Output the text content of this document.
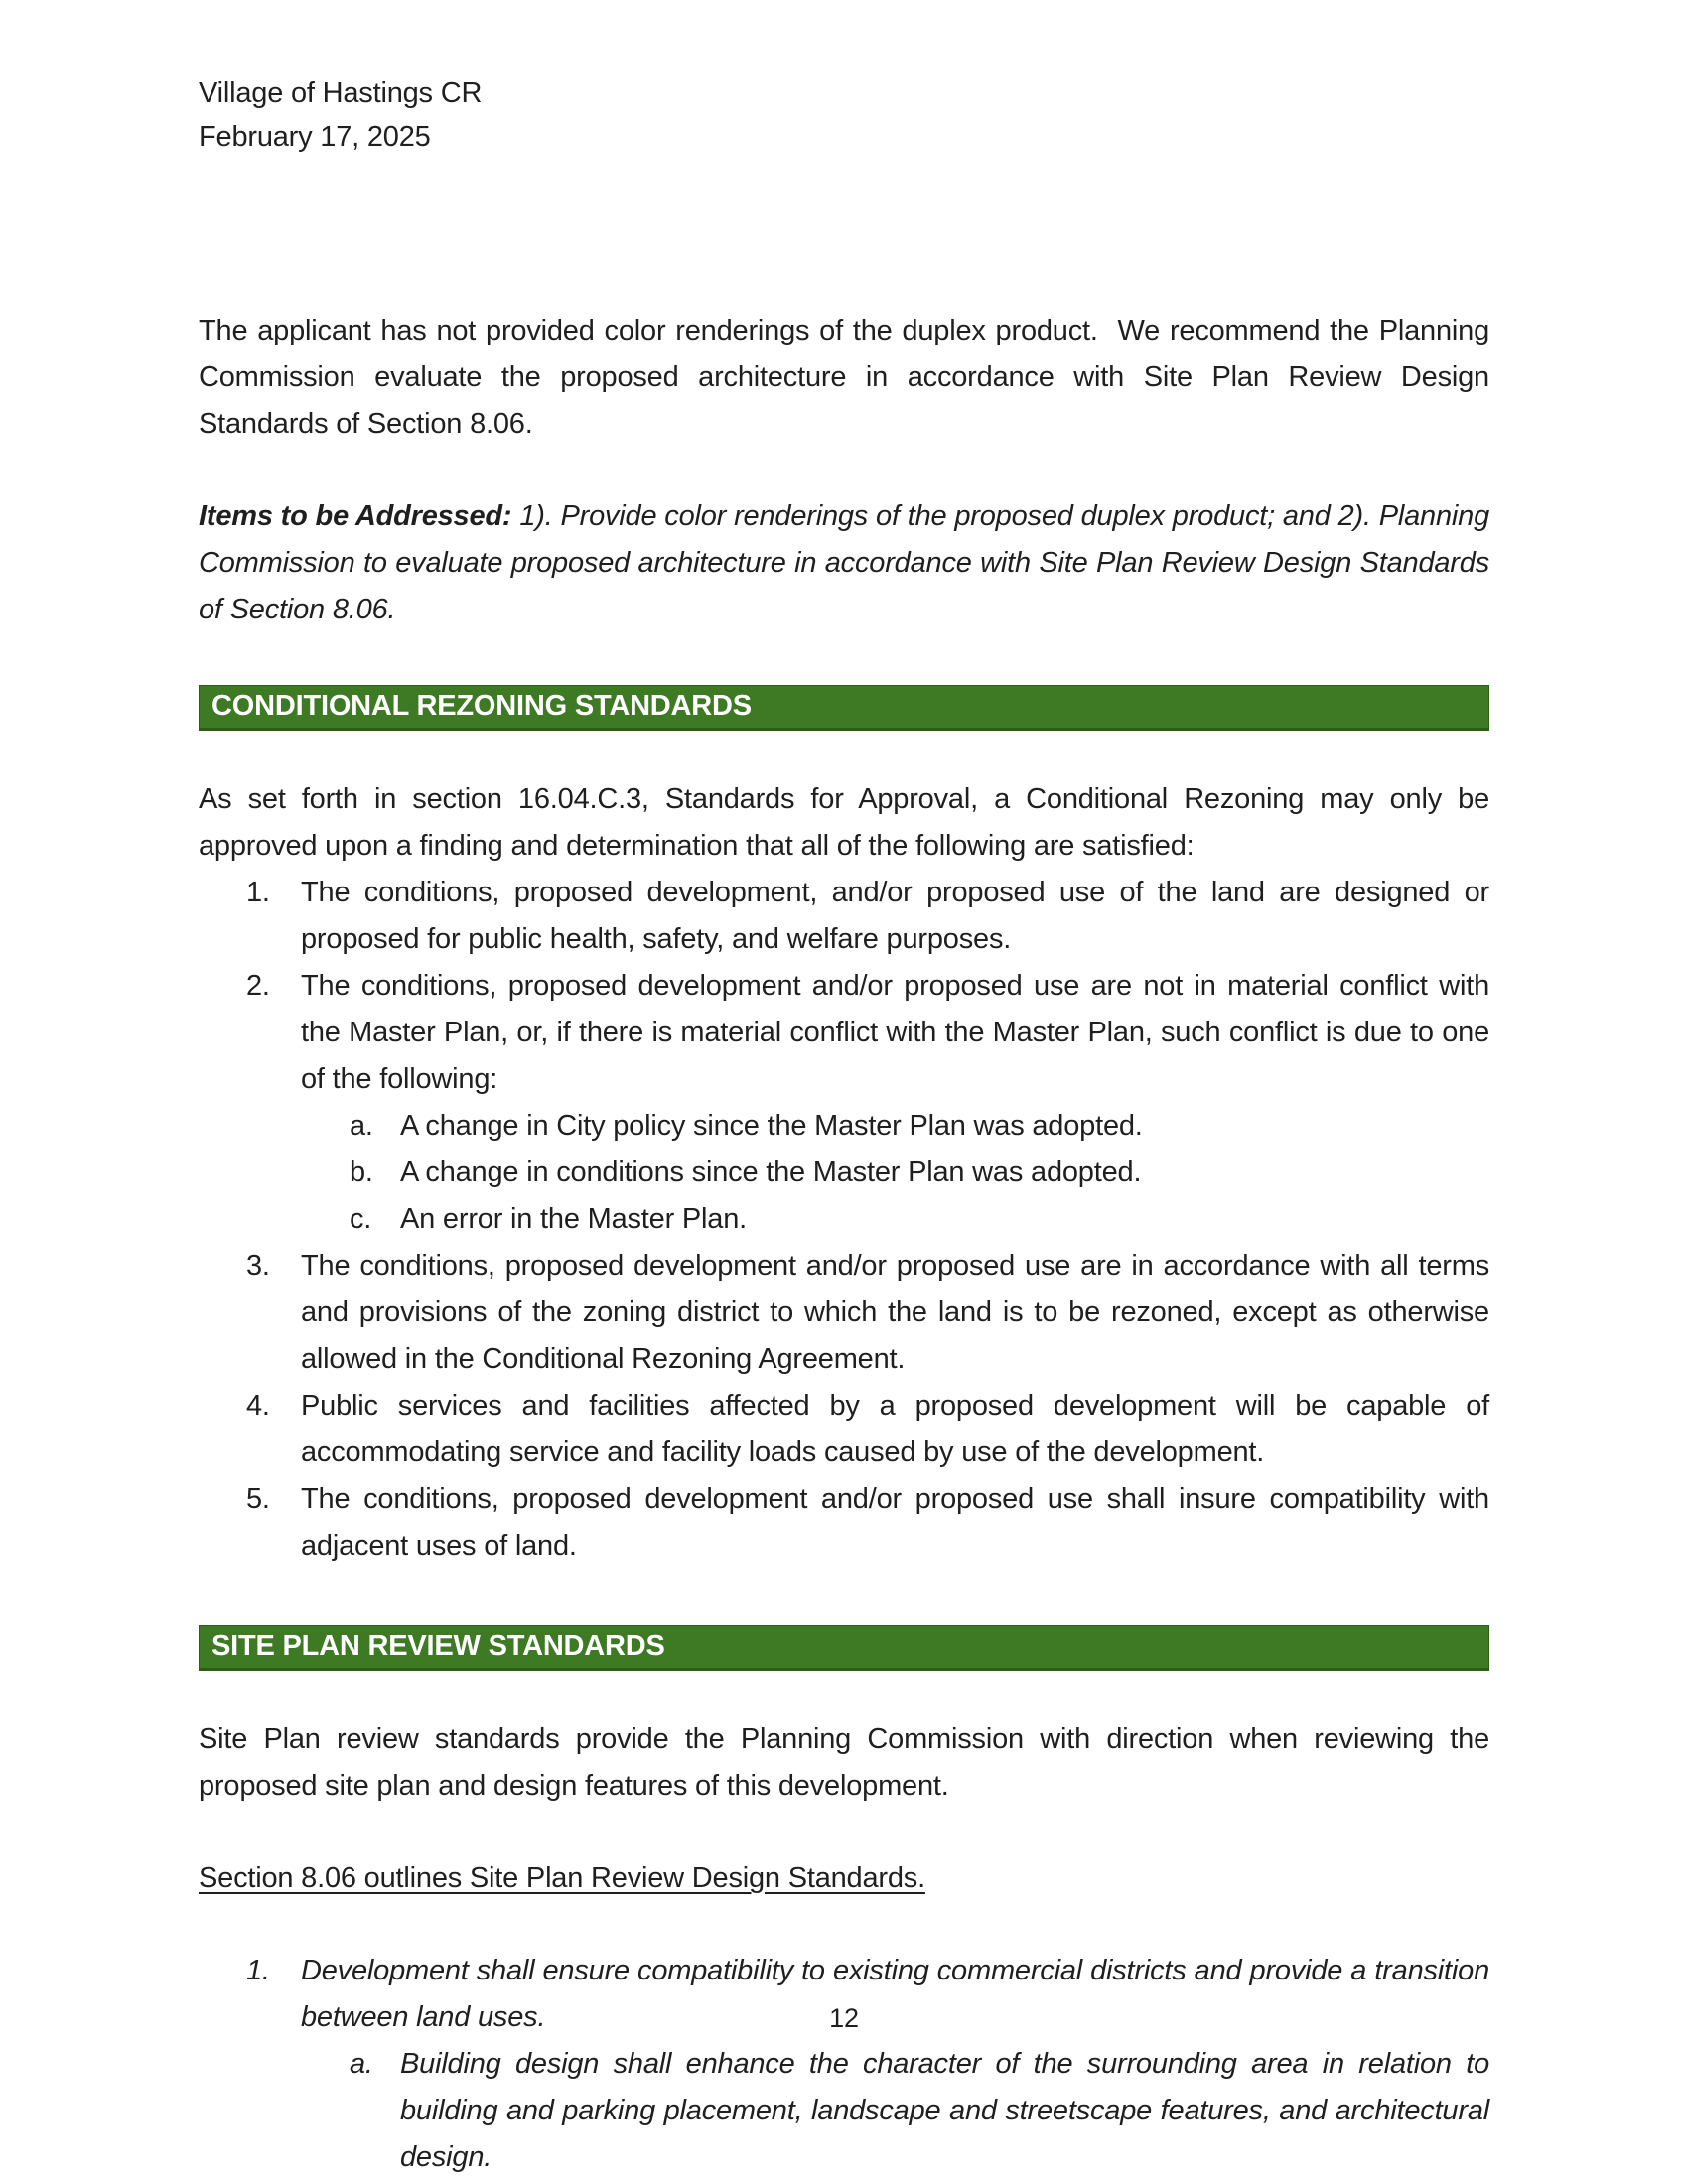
Village of Hastings CR
February 17, 2025

The applicant has not provided color renderings of the duplex product.  We recommend the Planning Commission evaluate the proposed architecture in accordance with Site Plan Review Design Standards of Section 8.06.

Items to be Addressed: 1). Provide color renderings of the proposed duplex product; and 2). Planning Commission to evaluate proposed architecture in accordance with Site Plan Review Design Standards of Section 8.06.

CONDITIONAL REZONING STANDARDS

As set forth in section 16.04.C.3, Standards for Approval, a Conditional Rezoning may only be approved upon a finding and determination that all of the following are satisfied:

1.	The conditions, proposed development, and/or proposed use of the land are designed or proposed for public health, safety, and welfare purposes.
2.	The conditions, proposed development and/or proposed use are not in material conflict with the Master Plan, or, if there is material conflict with the Master Plan, such conflict is due to one of the following:
a. A change in City policy since the Master Plan was adopted.
b. A change in conditions since the Master Plan was adopted.
c. An error in the Master Plan.
3.	The conditions, proposed development and/or proposed use are in accordance with all terms and provisions of the zoning district to which the land is to be rezoned, except as otherwise allowed in the Conditional Rezoning Agreement.
4.	Public services and facilities affected by a proposed development will be capable of accommodating service and facility loads caused by use of the development.
5.	The conditions, proposed development and/or proposed use shall insure compatibility with adjacent uses of land.
SITE PLAN REVIEW STANDARDS

Site Plan review standards provide the Planning Commission with direction when reviewing the proposed site plan and design features of this development.

Section 8.06 outlines Site Plan Review Design Standards.

1.	Development shall ensure compatibility to existing commercial districts and provide a transition between land uses.
a. Building design shall enhance the character of the surrounding area in relation to building and parking placement, landscape and streetscape features, and architectural design.
12
